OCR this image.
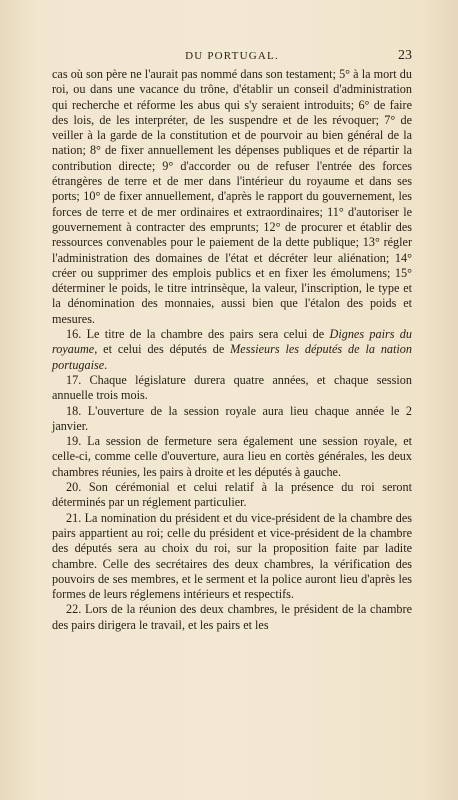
DU PORTUGAL.	23

cas où son père ne l'aurait pas nommé dans son testament; 5° à la mort du roi, ou dans une vacance du trône, d'établir un conseil d'administration qui recherche et réforme les abus qui s'y seraient introduits; 6° de faire des lois, de les interpréter, de les suspendre et de les révoquer; 7° de veiller à la garde de la constitution et de pourvoir au bien général de la nation; 8° de fixer annuellement les dépenses publiques et de répartir la contribution directe; 9° d'accorder ou de refuser l'entrée des forces étrangères de terre et de mer dans l'intérieur du royaume et dans ses ports; 10° de fixer annuellement, d'après le rapport du gouvernement, les forces de terre et de mer ordinaires et extraordinaires; 11° d'autoriser le gouvernement à contracter des emprunts; 12° de procurer et établir des ressources convenables pour le paiement de la dette publique; 13° régler l'administration des domaines de l'état et décréter leur aliénation; 14° créer ou supprimer des emplois publics et en fixer les émolumens; 15° déterminer le poids, le titre intrinsèque, la valeur, l'inscription, le type et la dénomination des monnaies, aussi bien que l'étalon des poids et mesures.

16. Le titre de la chambre des pairs sera celui de Dignes pairs du royaume, et celui des députés de Messieurs les députés de la nation portugaise.

17. Chaque législature durera quatre années, et chaque session annuelle trois mois.

18. L'ouverture de la session royale aura lieu chaque année le 2 janvier.

19. La session de fermeture sera également une session royale, et celle-ci, comme celle d'ouverture, aura lieu en cortès générales, les deux chambres réunies, les pairs à droite et les députés à gauche.

20. Son cérémonial et celui relatif à la présence du roi seront déterminés par un réglement particulier.

21. La nomination du président et du vice-président de la chambre des pairs appartient au roi; celle du président et vice-président de la chambre des députés sera au choix du roi, sur la proposition faite par ladite chambre. Celle des secrétaires des deux chambres, la vérification des pouvoirs de ses membres, et le serment et la police auront lieu d'après les formes de leurs réglemens intérieurs et respectifs.

22. Lors de la réunion des deux chambres, le président de la chambre des pairs dirigera le travail, et les pairs et les
